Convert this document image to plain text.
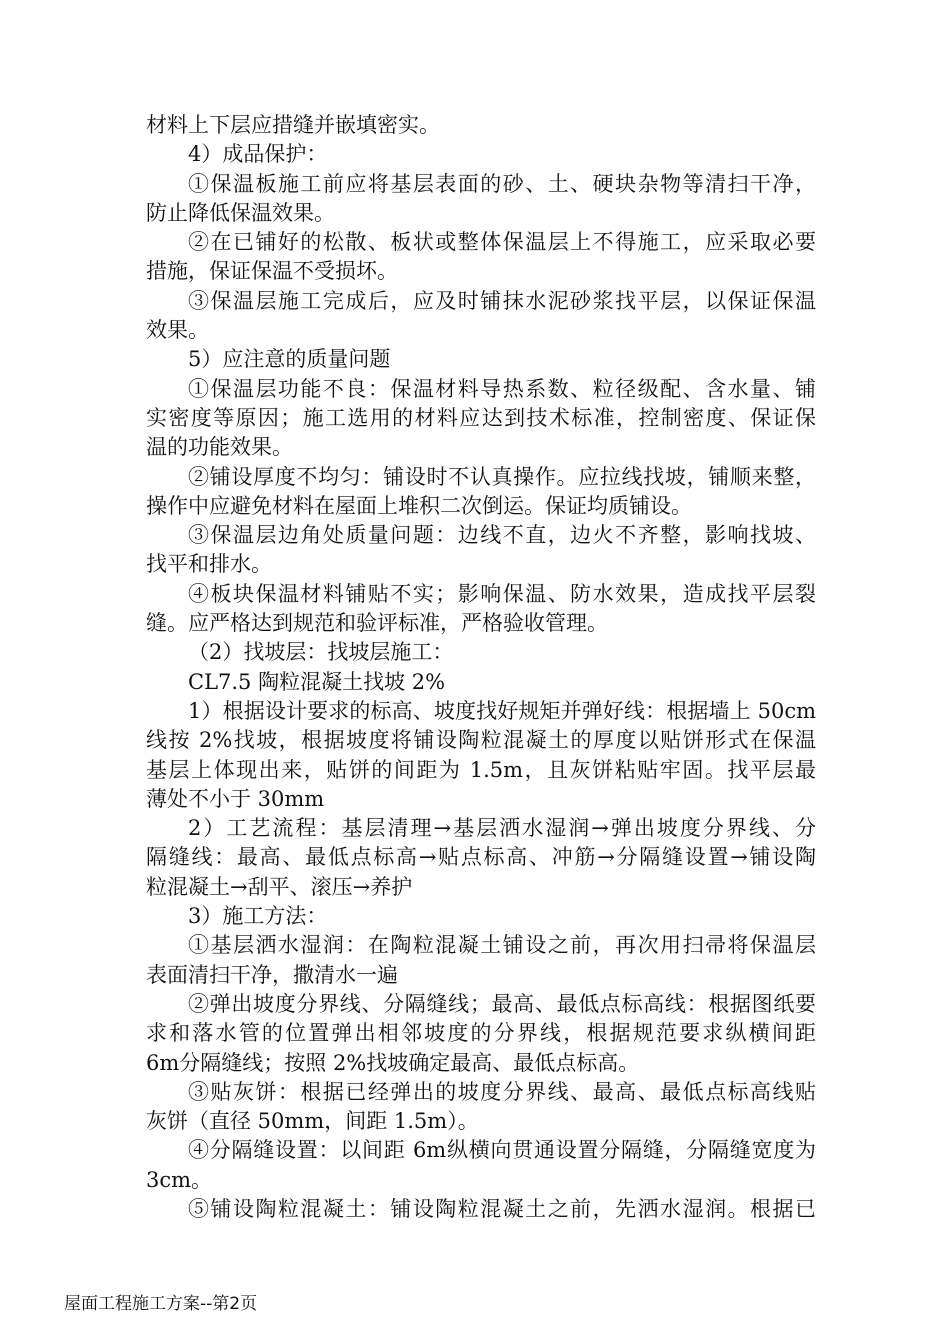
材料上下层应措缝并嵌填密实。
4）成品保护：
①保温板施工前应将基层表面的砂、土、硬块杂物等清扫干净，
防止降低保温效果。
②在已铺好的松散、板状或整体保温层上不得施工，应采取必要
措施，保证保温不受损坏。
③保温层施工完成后，应及时铺抹水泥砂浆找平层，以保证保温
效果。
5）应注意的质量问题
①保温层功能不良：保温材料导热系数、粒径级配、含水量、铺
实密度等原因；施工选用的材料应达到技术标准，控制密度、保证保
温的功能效果。
②铺设厚度不均匀：铺设时不认真操作。应拉线找坡，铺顺来整，
操作中应避免材料在屋面上堆积二次倒运。保证均质铺设。
③保温层边角处质量问题：边线不直，边火不齐整，影响找坡、
找平和排水。
④板块保温材料铺贴不实；影响保温、防水效果，造成找平层裂
缝。应严格达到规范和验评标准，严格验收管理。
（2）找坡层：找坡层施工：
CL7.5 陶粒混凝土找坡 2%
1）根据设计要求的标高、坡度找好规矩并弹好线：根据墙上 50cm
线按 2%找坡，根据坡度将铺设陶粒混凝土的厚度以贴饼形式在保温
基层上体现出来，贴饼的间距为 1.5m，且灰饼粘贴牢固。找平层最
薄处不小于 30mm
2）工艺流程：基层清理→基层洒水湿润→弹出坡度分界线、分
隔缝线：最高、最低点标高→贴点标高、冲筋→分隔缝设置→铺设陶
粒混凝土→刮平、滚压→养护
3）施工方法：
①基层洒水湿润：在陶粒混凝土铺设之前，再次用扫帚将保温层
表面清扫干净，撒清水一遍
②弹出坡度分界线、分隔缝线；最高、最低点标高线：根据图纸要
求和落水管的位置弹出相邻坡度的分界线，根据规范要求纵横间距
6m分隔缝线；按照 2%找坡确定最高、最低点标高。
③贴灰饼：根据已经弹出的坡度分界线、最高、最低点标高线贴
灰饼（直径 50mm，间距 1.5m）。
④分隔缝设置：以间距 6m纵横向贯通设置分隔缝，分隔缝宽度为
3cm。
⑤铺设陶粒混凝土：铺设陶粒混凝土之前，先洒水湿润。根据已
屋面工程施工方案--第2页
